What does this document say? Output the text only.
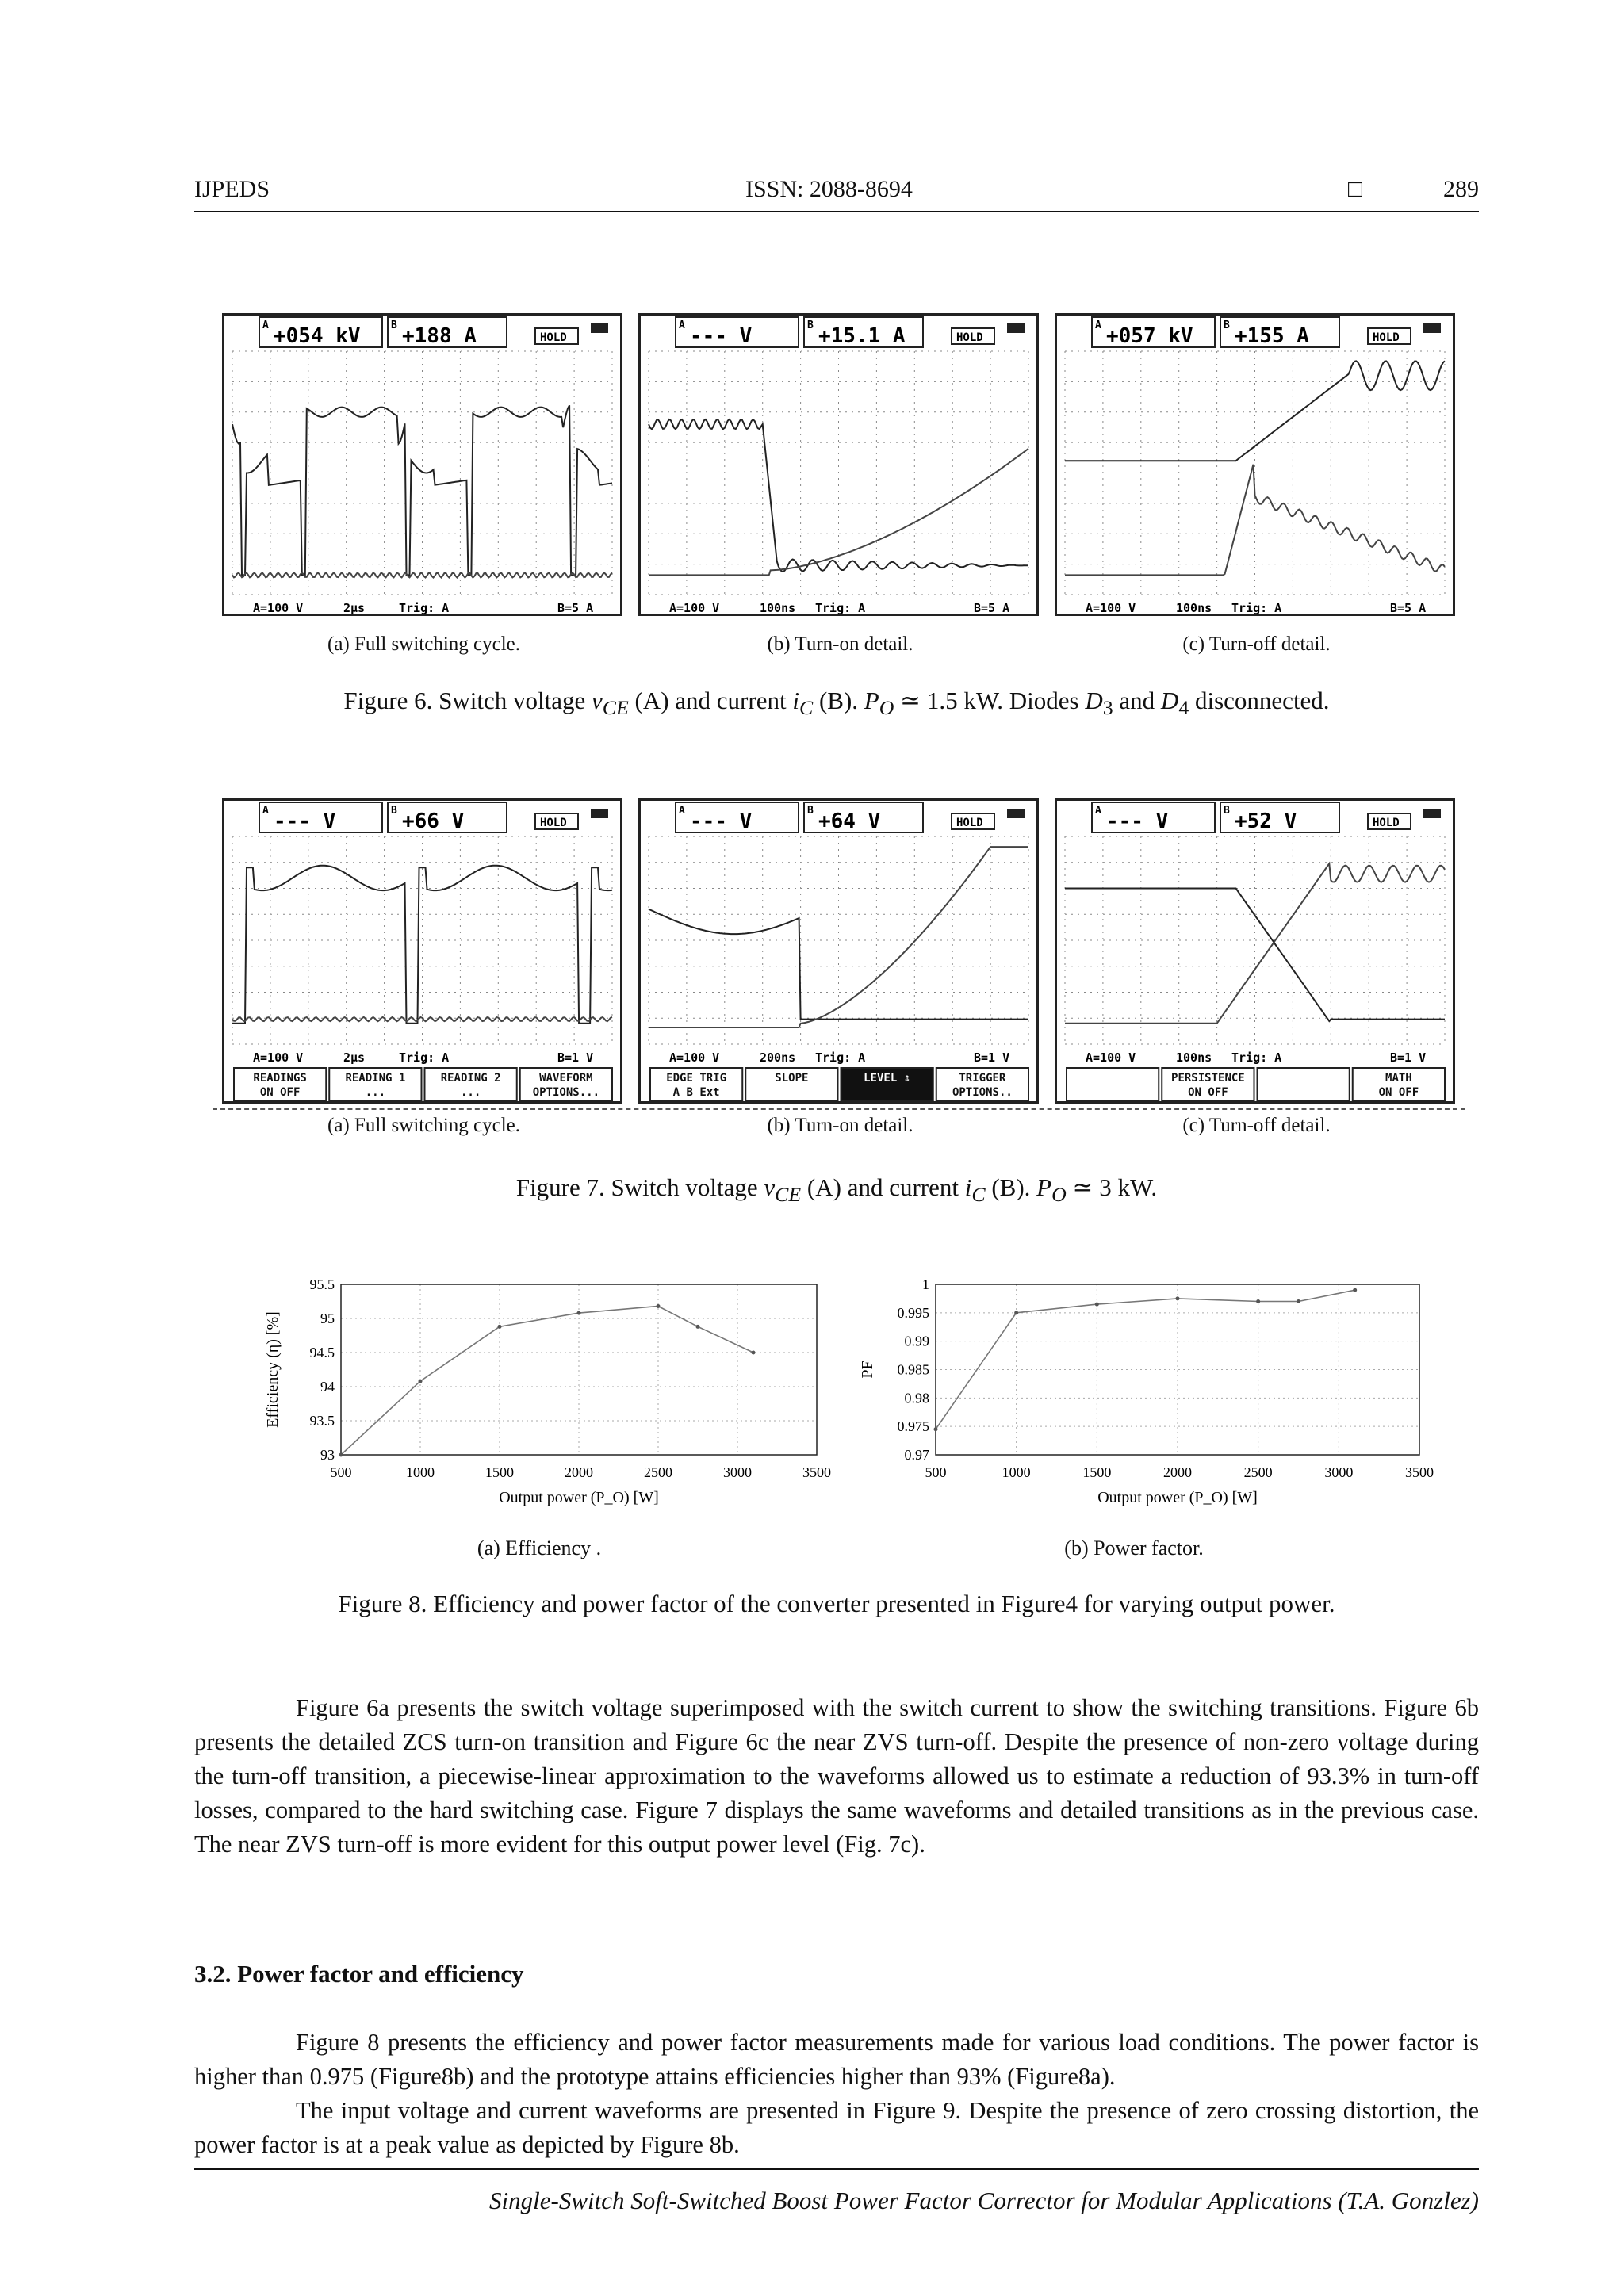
IJPEDS	ISSN: 2088-8694	□	289
A	B
+054 kV +188 A	HOLD
A=100 V	2µs	Trig: A	B=5 A
A	B
--- V	+15.1 A	HOLD
A=100 V	100ns Trig: A	B=5 A
A	B
+057 kV +155 A	HOLD
A=100 V	100ns Trig: A	B=5 A
A	B
--- V	+66 V	HOLD
A=100 V	2µs	Trig: A	B=1 V
READINGS
ON OFF
READING 1
...
READING 2
...
WAVEFORM
OPTIONS...
A	B
--- V	+64 V	HOLD
A=100 V	200ns Trig: A	B=1 V
EDGE TRIG
A B Ext
SLOPE	LEVEL ⇕	TRIGGER
OPTIONS..
A	B
--- V	+52 V	HOLD
A=100 V	100ns Trig: A	B=1 V
PERSISTENCE
ON OFF
MATH
ON OFF
Figure 6. Switch voltage $v_{CE}$ (A) and current $i_C$ (B). $P_O$ ≃ 1.5 kW. Diodes $D_3$ and $D_4$ disconnected.
Figure 7. Switch voltage $v_{CE}$ (A) and current $i_C$ (B). $P_O$ ≃ 3 kW.
500	1000	1500	2000	2500	3000	3500
93
93.5
94
94.5
95
95.5
Output power (P_O) [W]
Efficiency (η) [%]
500	1000	1500	2000	2500	3000	3500
0.97
0.975
0.98
0.985
0.99
0.995
1
Output power (P_O) [W]
PF
(a) Efficiency .	(b) Power factor.
Figure 8. Efficiency and power factor of the converter presented in Figure4 for varying output power.

Figure 6a presents the switch voltage superimposed with the switch current to show the switching transitions. Figure 6b presents the detailed ZCS turn-on transition and Figure 6c the near ZVS turn-off. Despite the presence of non-zero voltage during the turn-off transition, a piecewise-linear approximation to the waveforms allowed us to estimate a reduction of 93.3% in turn-off losses, compared to the hard switching case. Figure 7 displays the same waveforms and detailed transitions as in the previous case. The near ZVS turn-off is more evident for this output power level (Fig. 7c).

3.2. Power factor and efficiency

Figure 8 presents the efficiency and power factor measurements made for various load conditions. The power factor is higher than 0.975 (Figure8b) and the prototype attains efficiencies higher than 93% (Figure8a).

The input voltage and current waveforms are presented in Figure 9. Despite the presence of zero crossing distortion, the power factor is at a peak value as depicted by Figure 8b.

Single-Switch Soft-Switched Boost Power Factor Corrector for Modular Applications (T.A. Gonzlez)
(a) Full switching cycle.	(b) Turn-on detail.	(c) Turn-off detail.
(a) Full switching cycle.	(b) Turn-on detail.	(c) Turn-off detail.
